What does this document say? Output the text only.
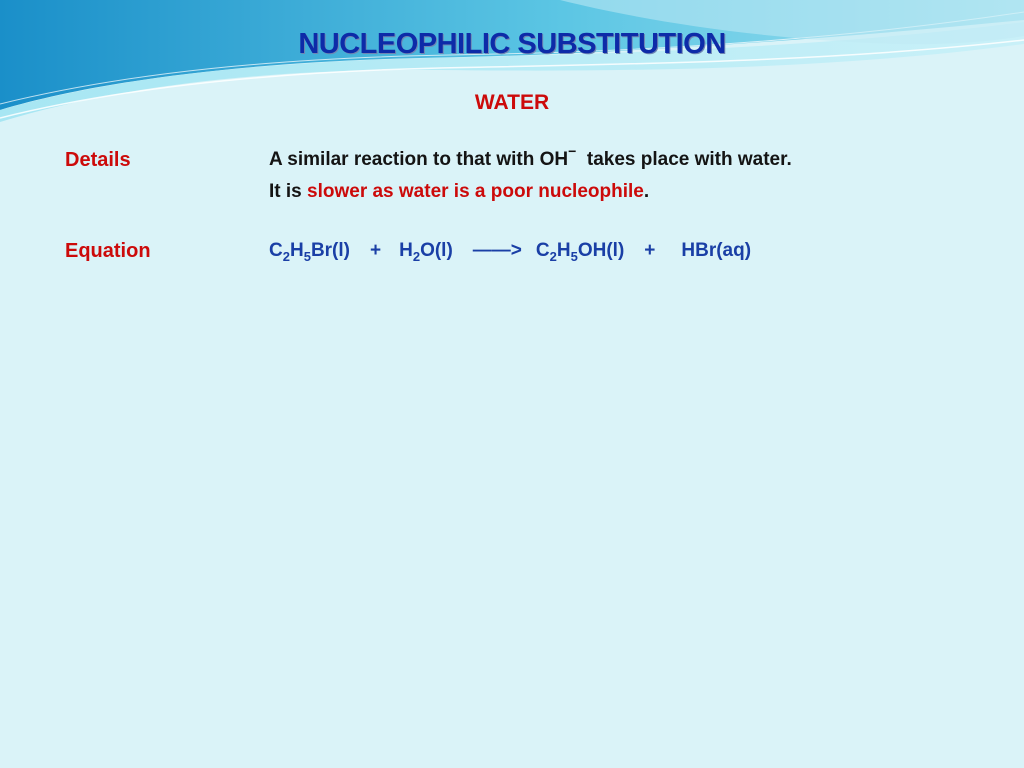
NUCLEOPHILIC SUBSTITUTION
WATER
Details	A similar reaction to that with OH− takes place with water.
It is slower as water is a poor nucleophile.
Equation	$C_2H_5Br(l) + H_2O(l)$ ——> $C_2H_5OH(l) + HBr(aq)$
